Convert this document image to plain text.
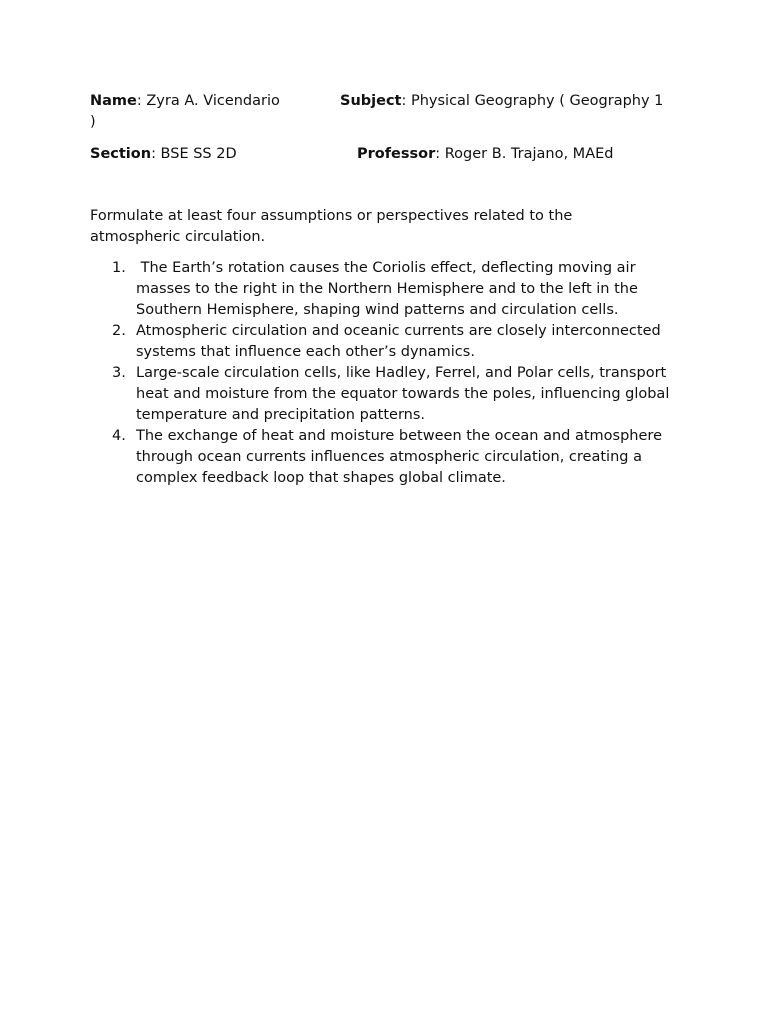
Name: Zyra A. Vicendario	Subject: Physical Geography ( Geography 1
)
Section: BSE SS 2D	Professor: Roger B. Trajano, MAEd
Formulate at least four assumptions or perspectives related to the atmospheric circulation.
1. The Earth’s rotation causes the Coriolis effect, deflecting moving air masses to the right in the Northern Hemisphere and to the left in the Southern Hemisphere, shaping wind patterns and circulation cells.
2. Atmospheric circulation and oceanic currents are closely interconnected systems that influence each other’s dynamics.
3. Large-scale circulation cells, like Hadley, Ferrel, and Polar cells, transport heat and moisture from the equator towards the poles, influencing global temperature and precipitation patterns.
4. The exchange of heat and moisture between the ocean and atmosphere through ocean currents influences atmospheric circulation, creating a complex feedback loop that shapes global climate.
